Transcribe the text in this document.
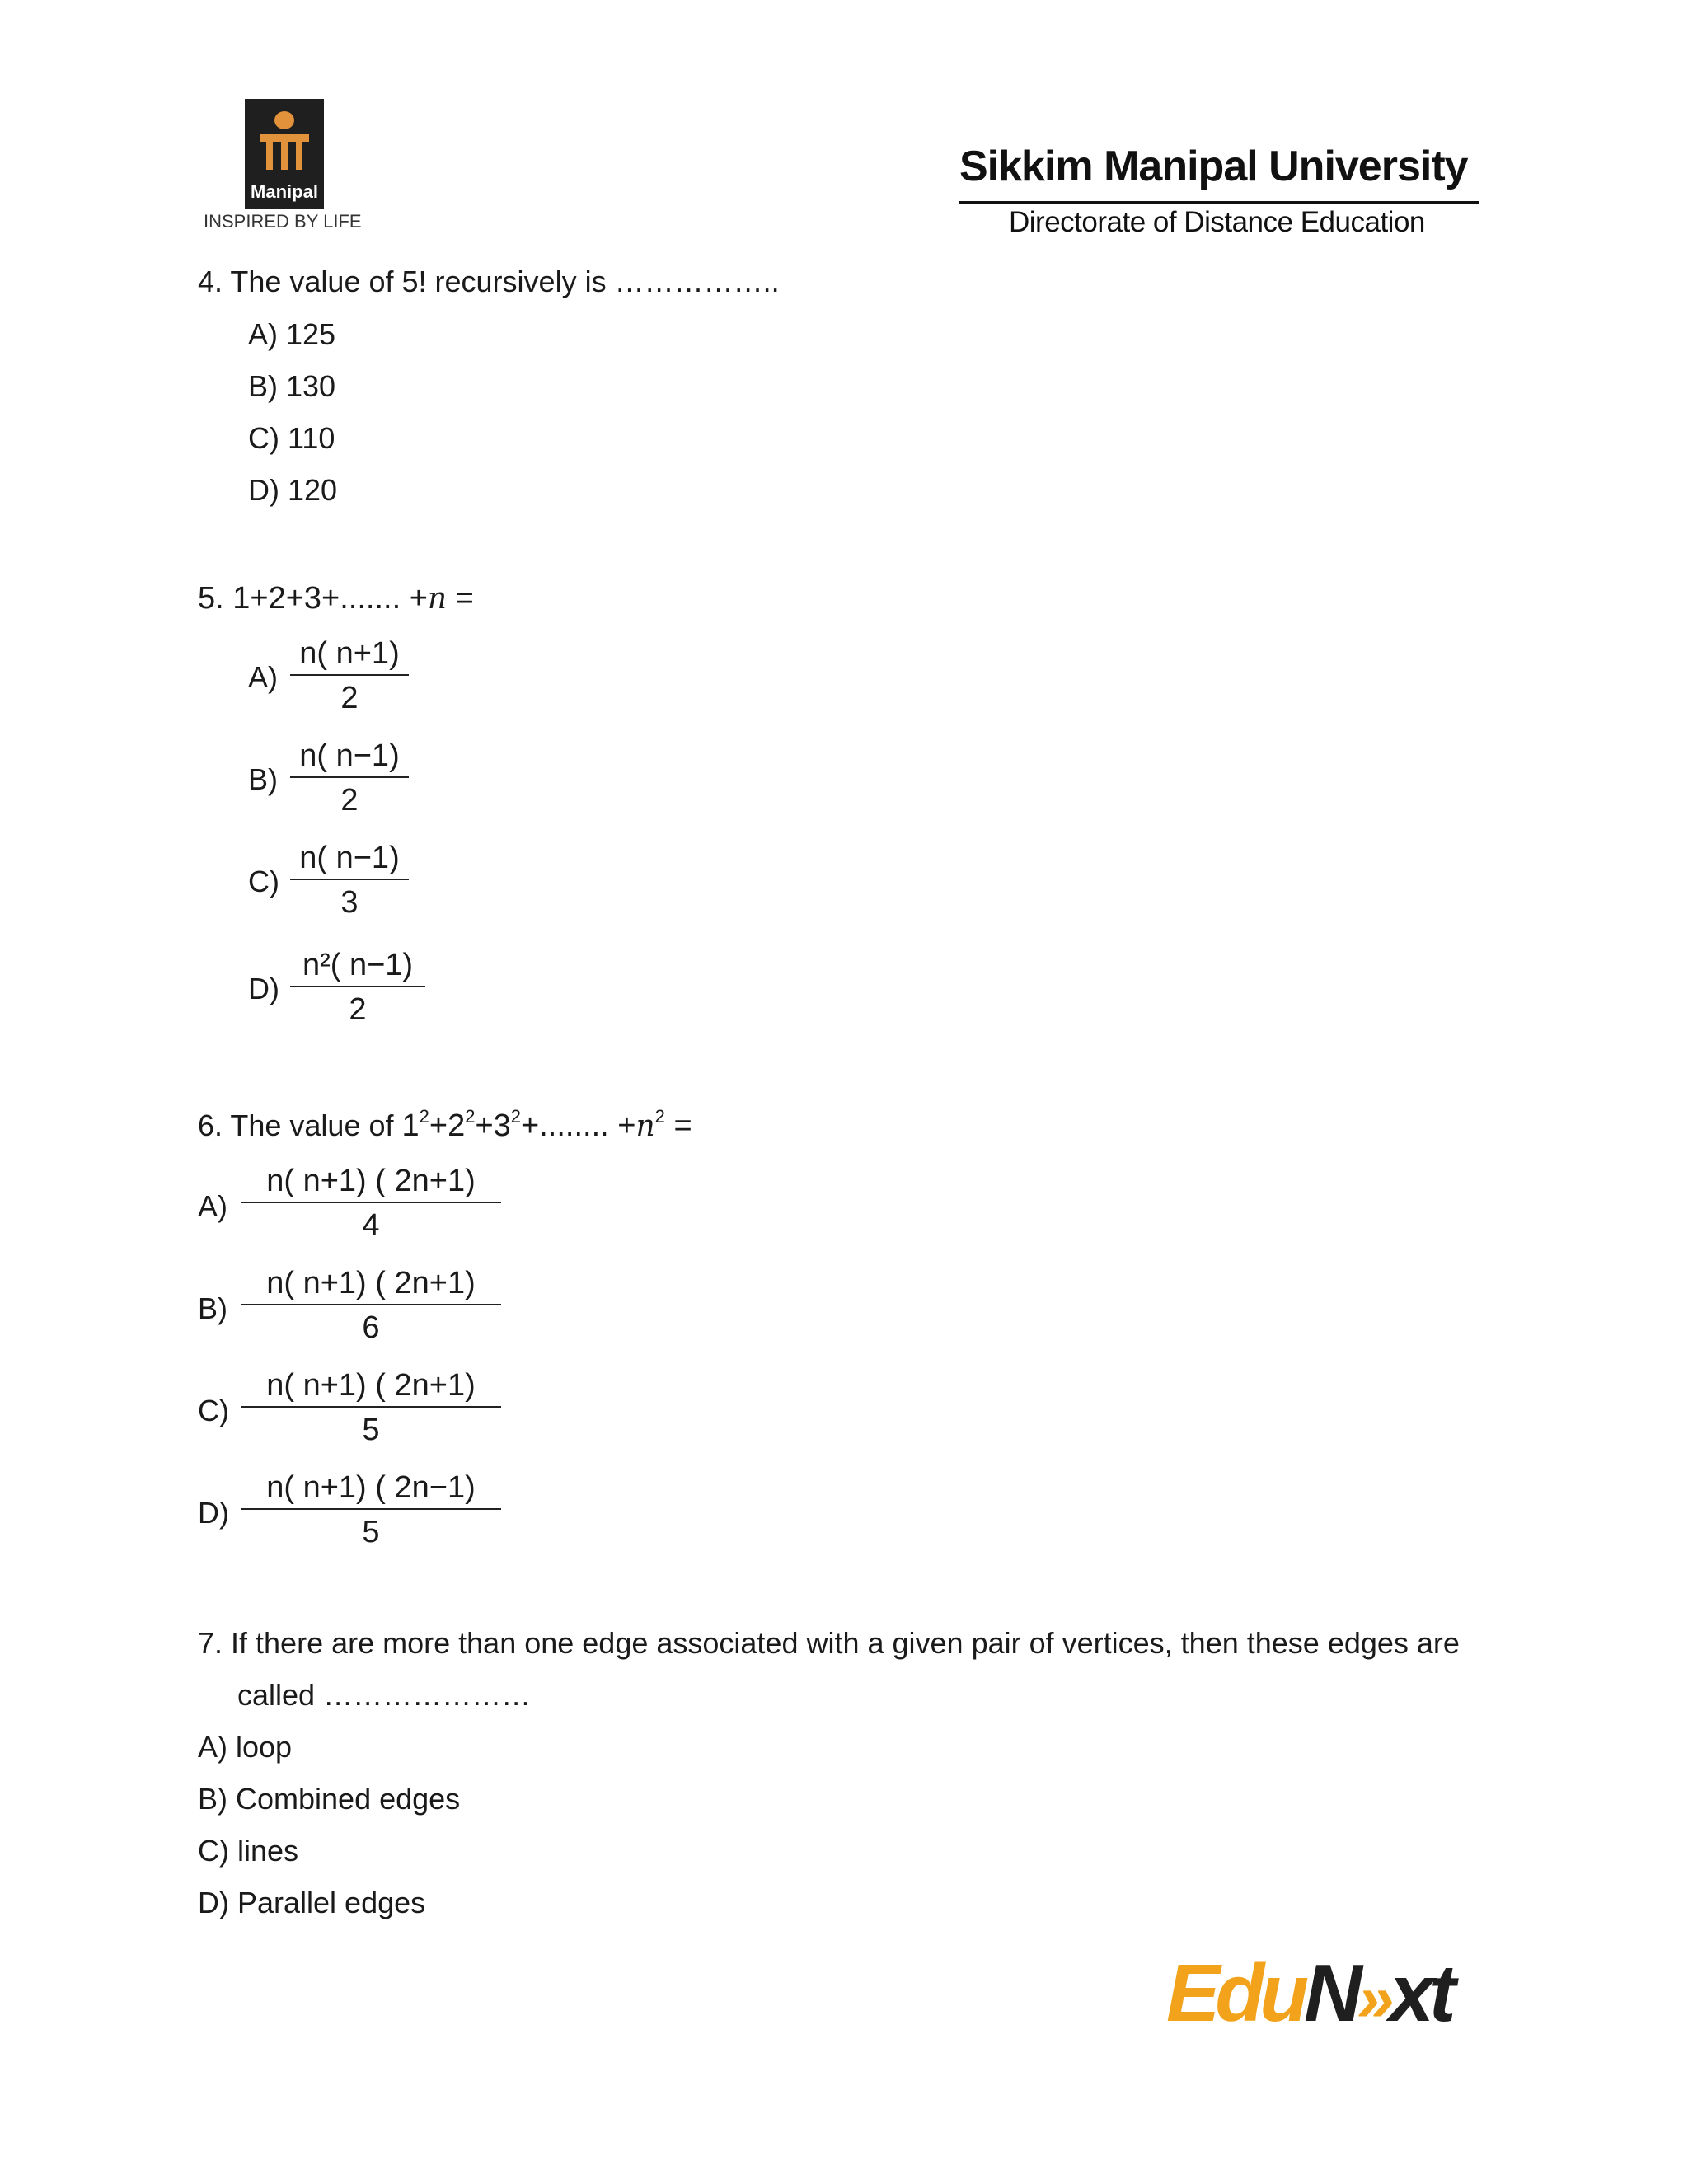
Manipal
INSPIRED BY LIFE
Sikkim Manipal University
Directorate of Distance Education
4. The value of 5! recursively is ……………..
A) 125
B) 130
C) 110
D) 120
5. 1+2+3+....... +n =
A)
n( n+1)
2
B)
n( n−1)
2
C)
n( n−1)
3
D)
n²( n−1)
2
6. The value of $1^2+2^2+3^2+$........ $+n^2$ =
A)
n( n+1) ( 2n+1)
4
B)
n( n+1) ( 2n+1)
6
C)
n( n+1) ( 2n+1)
5
D)
n( n+1) ( 2n−1)
5
7. If there are more than one edge associated with a given pair of vertices, then these edges are
called …………………
A) loop
B) Combined edges
C) lines
D) Parallel edges
EduN»xt
